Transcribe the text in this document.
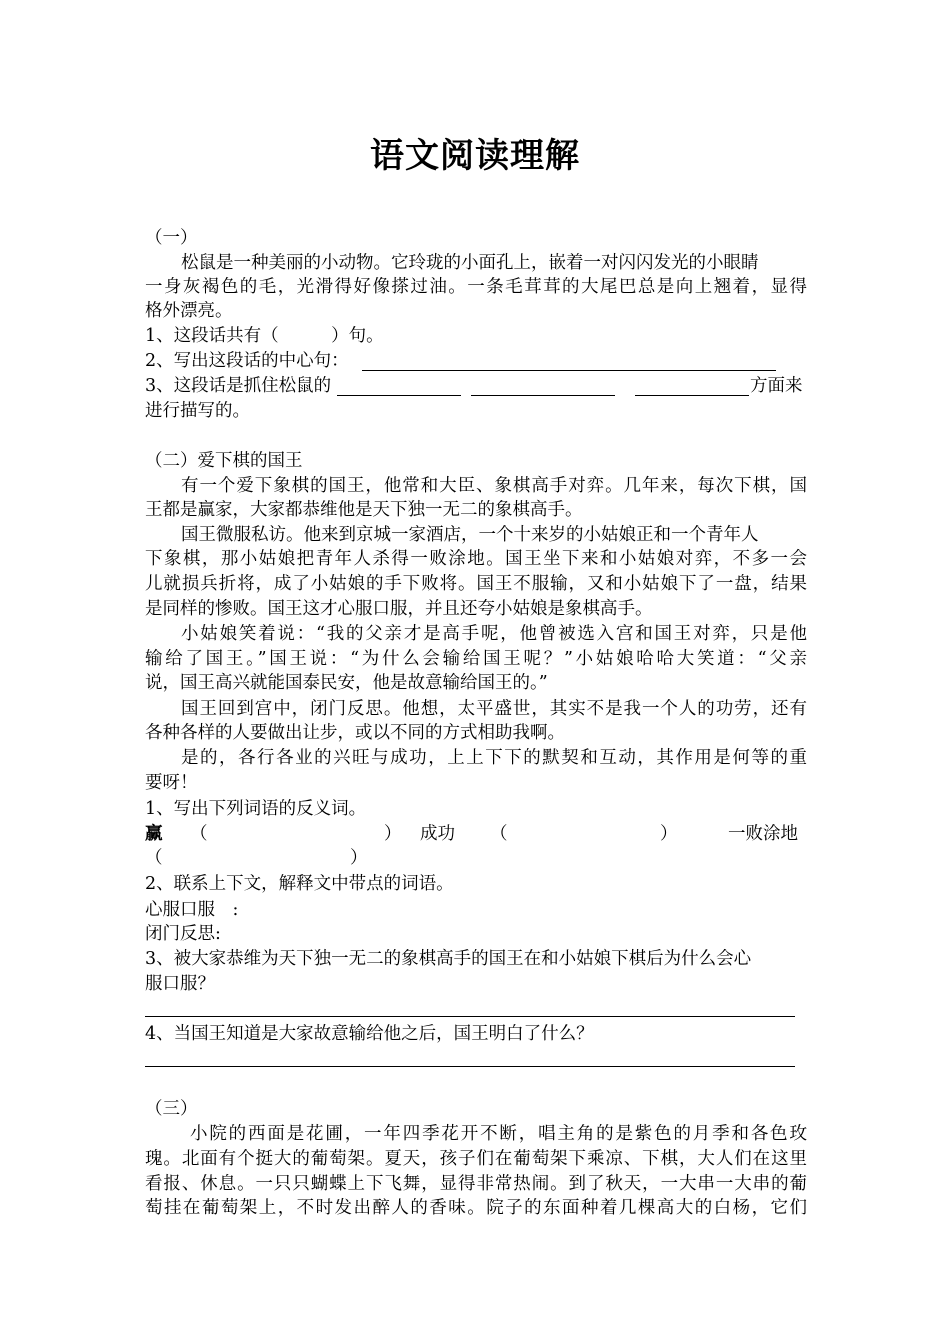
语文阅读理解
（一）
松鼠是一种美丽的小动物。它玲珑的小面孔上，嵌着一对闪闪发光的小眼睛
一身灰褐色的毛，光滑得好像搽过油。一条毛茸茸的大尾巴总是向上翘着，显得
格外漂亮。
1、这段话共有（　　　）句。
2、写出这段话的中心句：
3、这段话是抓住松鼠的	方面来
进行描写的。
（二）爱下棋的国王
有一个爱下象棋的国王，他常和大臣、象棋高手对弈。几年来，每次下棋，国
王都是赢家，大家都恭维他是天下独一无二的象棋高手。
国王微服私访。他来到京城一家酒店，一个十来岁的小姑娘正和一个青年人
下象棋，那小姑娘把青年人杀得一败涂地。国王坐下来和小姑娘对弈，不多一会
儿就损兵折将，成了小姑娘的手下败将。国王不服输，又和小姑娘下了一盘，结果
是同样的惨败。国王这才心服口服，并且还夸小姑娘是象棋高手。
小姑娘笑着说：“我的父亲才是高手呢，他曾被选入宫和国王对弈，只是他
输给了国王。”国王说：“为什么会输给国王呢？”小姑娘哈哈大笑道：“父亲
说，国王高兴就能国泰民安，他是故意输给国王的。”
国王回到宫中，闭门反思。他想，太平盛世，其实不是我一个人的功劳，还有
各种各样的人要做出让步，或以不同的方式相助我啊。
是的，各行各业的兴旺与成功，上上下下的默契和互动，其作用是何等的重
要呀！
1、写出下列词语的反义词。
赢 （	） 成功 （	）	一败涂地
（	）
2、联系上下文，解释文中带点的词语。
心服口服　:
闭门反思:
3、被大家恭维为天下独一无二的象棋高手的国王在和小姑娘下棋后为什么会心
服口服？
4、当国王知道是大家故意输给他之后，国王明白了什么？
（三）
小院的西面是花圃，一年四季花开不断，唱主角的是紫色的月季和各色玫
瑰。北面有个挺大的葡萄架。夏天，孩子们在葡萄架下乘凉、下棋，大人们在这里
看报、休息。一只只蝴蝶上下飞舞，显得非常热闹。到了秋天，一大串一大串的葡
萄挂在葡萄架上，不时发出醉人的香味。院子的东面种着几棵高大的白杨，它们
